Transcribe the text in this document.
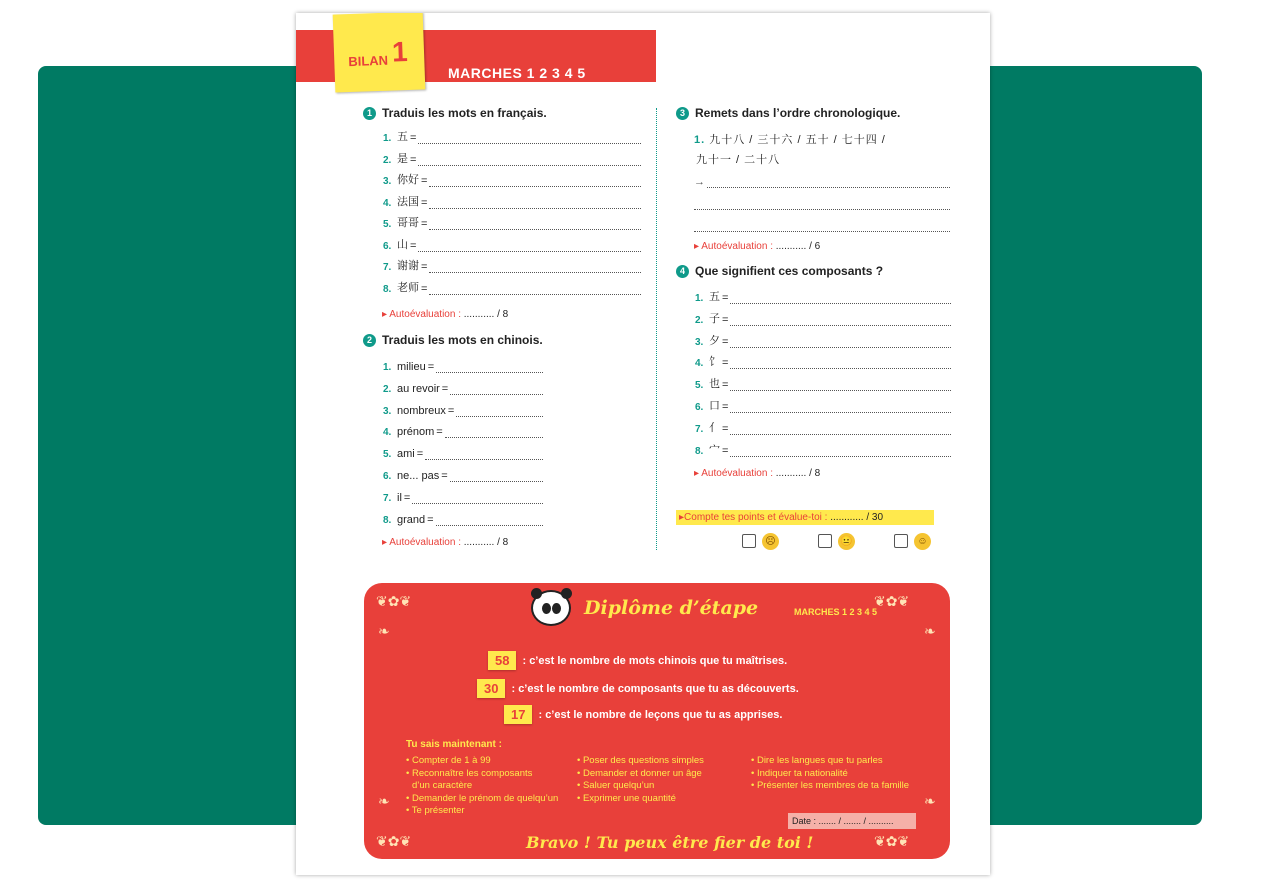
MARCHES 1 2 3 4 5
BILAN 1
1 Traduis les mots en français.
1. 五 =
2. 是 =
3. 你好 =
4. 法国 =
5. 哥哥 =
6. 山 =
7. 谢谢 =
8. 老师 =
▸ Autoévaluation : ........... / 8
2 Traduis les mots en chinois.
1. milieu =
2. au revoir =
3. nombreux =
4. prénom =
5. ami =
6. ne... pas =
7. il =
8. grand =
▸ Autoévaluation : ........... / 8
3 Remets dans l’ordre chronologique.
1. 九十八 / 三十六 / 五十 / 七十四 /
九十一 / 二十八
→
▸ Autoévaluation : ........... / 6
4 Que signifient ces composants ?
1. 五 =
2. 子 =
3. 夕 =
4. 饣 =
5. 也 =
6. 口 =
7. 亻 =
8. 宀 =
▸ Autoévaluation : ........... / 8
▸Compte tes points et évalue-toi : ............ / 30
☹	😐	☺
❦✿❦	❦✿❦
❦✿❦	❦✿❦
❧	❧
❧	❧
Diplôme d’étape	MARCHES 1 2 3 4 5
58	: c’est le nombre de mots chinois que tu maîtrises.
30	: c’est le nombre de composants que tu as découverts.
17	: c’est le nombre de leçons que tu as apprises.
Tu sais maintenant :
• Compter de 1 à 99
• Reconnaître les composants
d’un caractère
• Demander le prénom de quelqu’un
• Te présenter
• Poser des questions simples
• Demander et donner un âge
• Saluer quelqu’un
• Exprimer une quantité
• Dire les langues que tu parles
• Indiquer ta nationalité
• Présenter les membres de ta famille
Date : ....... / ....... / ..........
Bravo ! Tu peux être fier de toi !
